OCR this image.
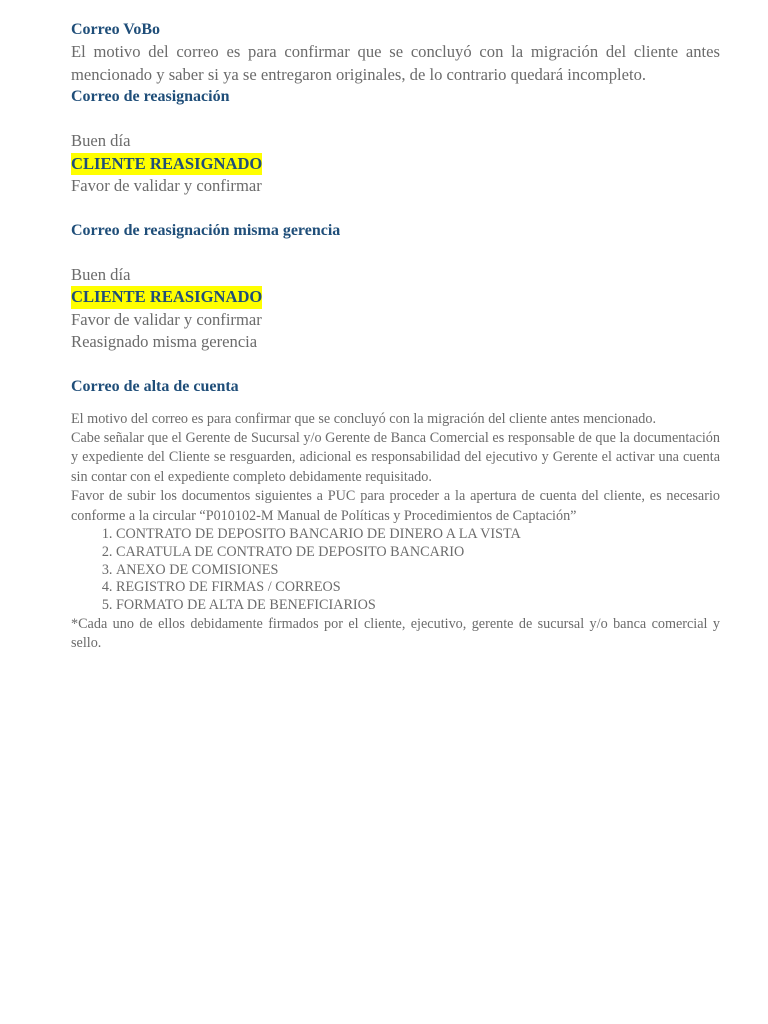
Correo VoBo

El motivo del correo es para confirmar que se concluyó con la migración del cliente antes mencionado y saber si ya se entregaron originales, de lo contrario quedará incompleto.

Correo de reasignación

Buen día

CLIENTE REASIGNADO

Favor de validar y confirmar

Correo de reasignación misma gerencia

Buen día

CLIENTE REASIGNADO

Favor de validar y confirmar

Reasignado misma gerencia

Correo de alta de cuenta

El motivo del correo es para confirmar que se concluyó con la migración del cliente antes mencionado.

Cabe señalar que el Gerente de Sucursal y/o Gerente de Banca Comercial es responsable de que la documentación y expediente del Cliente se resguarden, adicional es responsabilidad del ejecutivo y Gerente el activar una cuenta sin contar con el expediente completo debidamente requisitado.

Favor de subir los documentos siguientes a PUC para proceder a la apertura de cuenta del cliente, es necesario conforme a la circular “P010102-M Manual de Políticas y Procedimientos de Captación”

1. CONTRATO DE DEPOSITO BANCARIO DE DINERO A LA VISTA
2. CARATULA DE CONTRATO DE DEPOSITO BANCARIO
3. ANEXO DE COMISIONES
4. REGISTRO DE FIRMAS / CORREOS
5. FORMATO DE ALTA DE BENEFICIARIOS

*Cada uno de ellos debidamente firmados por el cliente, ejecutivo, gerente de sucursal y/o banca comercial y sello.
